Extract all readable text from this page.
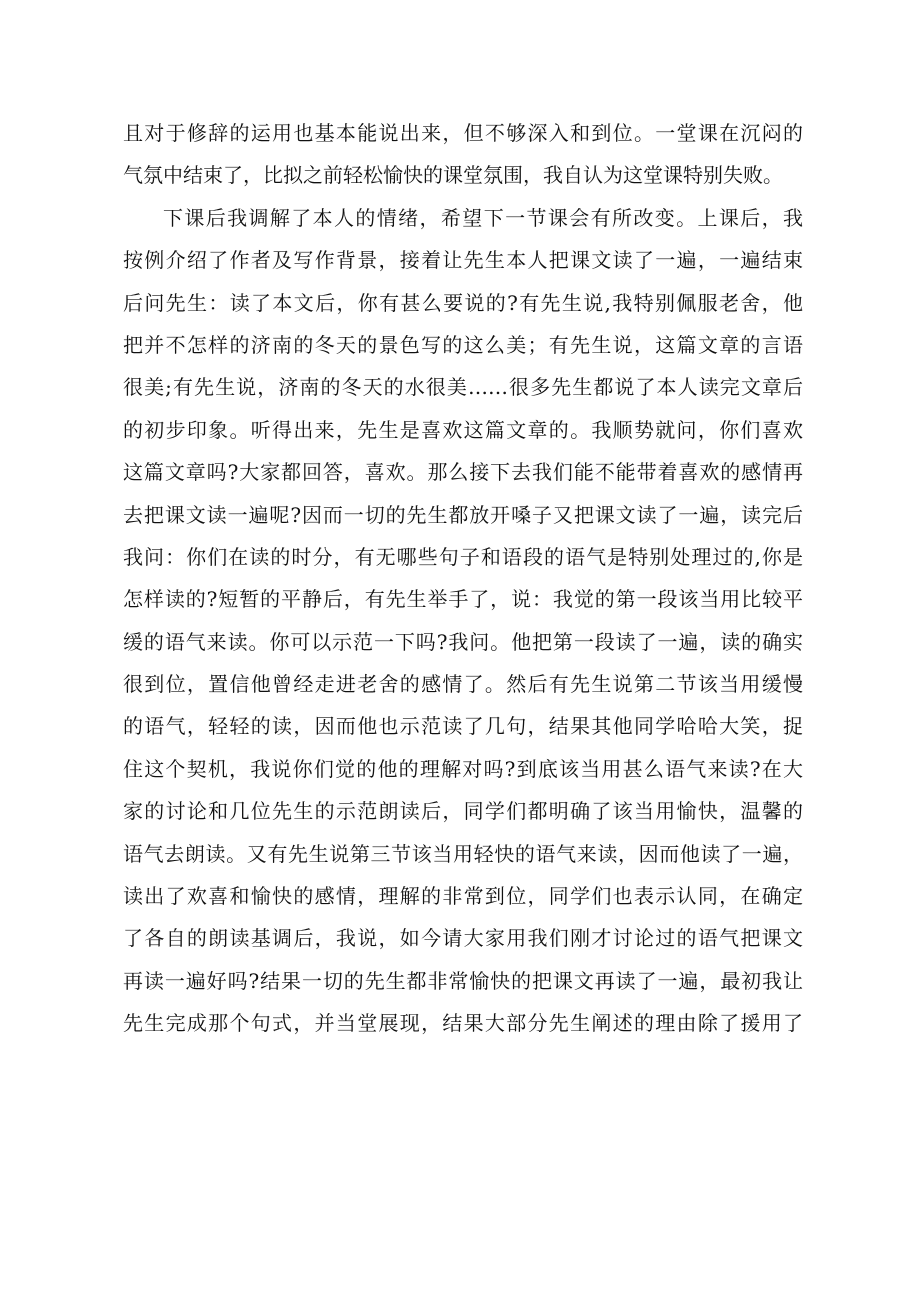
且对于修辞的运用也基本能说出来，但不够深入和到位。一堂课在沉闷的
气氛中结束了，比拟之前轻松愉快的课堂氛围，我自认为这堂课特别失败。
下课后我调解了本人的情绪，希望下一节课会有所改变。上课后，我
按例介绍了作者及写作背景，接着让先生本人把课文读了一遍，一遍结束
后问先生：读了本文后，你有甚么要说的?有先生说,我特别佩服老舍，他
把并不怎样的济南的冬天的景色写的这么美；有先生说，这篇文章的言语
很美;有先生说，济南的冬天的水很美……很多先生都说了本人读完文章后
的初步印象。听得出来，先生是喜欢这篇文章的。我顺势就问，你们喜欢
这篇文章吗?大家都回答，喜欢。那么接下去我们能不能带着喜欢的感情再
去把课文读一遍呢?因而一切的先生都放开嗓子又把课文读了一遍，读完后
我问：你们在读的时分，有无哪些句子和语段的语气是特别处理过的,你是
怎样读的?短暂的平静后，有先生举手了，说：我觉的第一段该当用比较平
缓的语气来读。你可以示范一下吗?我问。他把第一段读了一遍，读的确实
很到位，置信他曾经走进老舍的感情了。然后有先生说第二节该当用缓慢
的语气，轻轻的读，因而他也示范读了几句，结果其他同学哈哈大笑，捉
住这个契机，我说你们觉的他的理解对吗?到底该当用甚么语气来读?在大
家的讨论和几位先生的示范朗读后，同学们都明确了该当用愉快，温馨的
语气去朗读。又有先生说第三节该当用轻快的语气来读，因而他读了一遍，
读出了欢喜和愉快的感情，理解的非常到位，同学们也表示认同，在确定
了各自的朗读基调后，我说，如今请大家用我们刚才讨论过的语气把课文
再读一遍好吗?结果一切的先生都非常愉快的把课文再读了一遍，最初我让
先生完成那个句式，并当堂展现，结果大部分先生阐述的理由除了援用了
